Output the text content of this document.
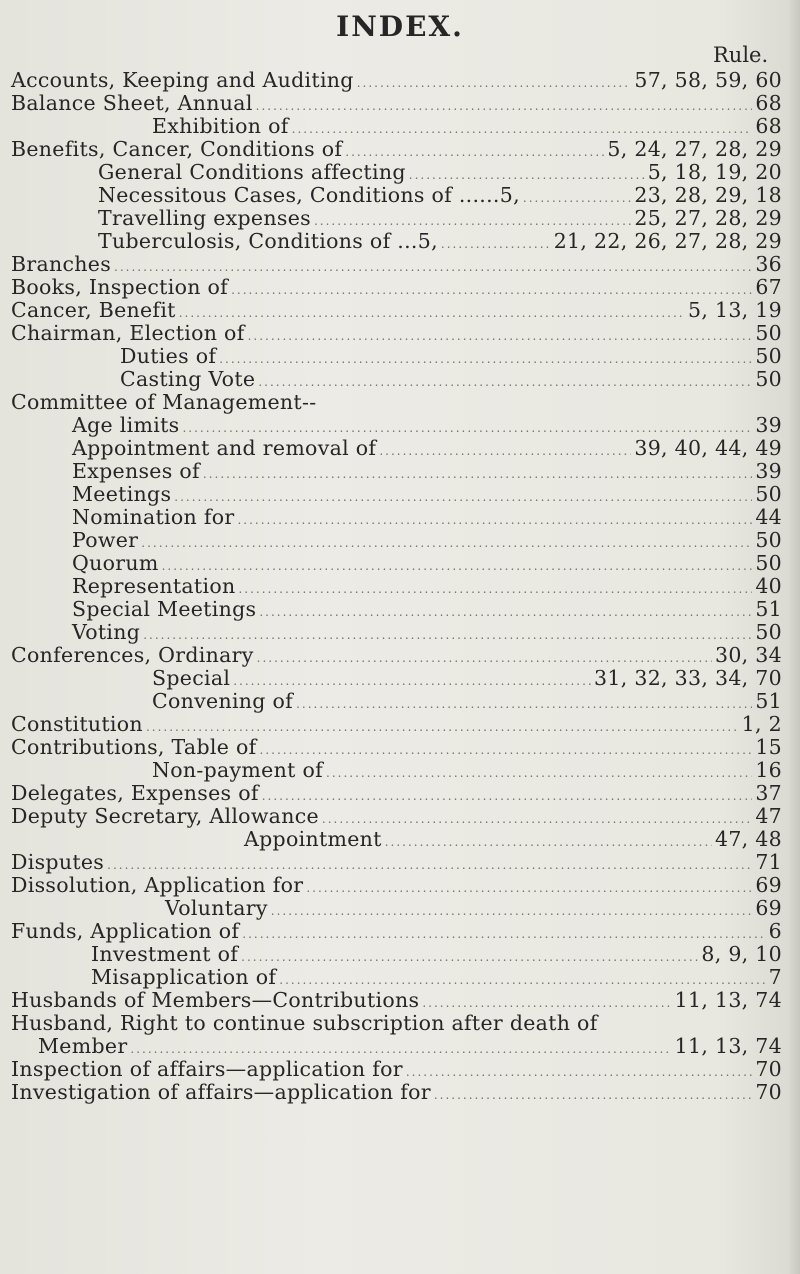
INDEX.
Rule.
Accounts, Keeping and Auditing .....	57, 58, 59, 60
Balance Sheet, Annual .....	68
Exhibition of .....	68
Benefits, Cancer, Conditions of .....	5, 24, 27, 28, 29
General Conditions affecting .....	5, 18, 19, 20
Necessitous Cases, Conditions of ......5, .....	23, 28, 29, 18
Travelling expenses .....	25, 27, 28, 29
Tuberculosis, Conditions of ...5, .....	21, 22, 26, 27, 28, 29
Branches .....	36
Books, Inspection of .....	67
Cancer, Benefit .....	5, 13, 19
Chairman, Election of .....	50
Duties of .....	50
Casting Vote .....	50
Committee of Management--
Age limits .....	39
Appointment and removal of .....	39, 40, 44, 49
Expenses of .....	39
Meetings .....	50
Nomination for .....	44
Power .....	50
Quorum .....	50
Representation .....	40
Special Meetings .....	51
Voting .....	50
Conferences, Ordinary .....	30, 34
Special .....	31, 32, 33, 34, 70
Convening of .....	51
Constitution .....	1, 2
Contributions, Table of .....	15
Non-payment of .....	16
Delegates, Expenses of .....	37
Deputy Secretary, Allowance .....	47
Appointment .....	47, 48
Disputes .....	71
Dissolution, Application for .....	69
Voluntary .....	69
Funds, Application of .....	6
Investment of .....	8, 9, 10
Misapplication of .....	7
Husbands of Members—Contributions .....	11, 13, 74
Husband, Right to continue subscription after death of
Member .....	11, 13, 74
Inspection of affairs—application for .....	70
Investigation of affairs—application for .....	70
